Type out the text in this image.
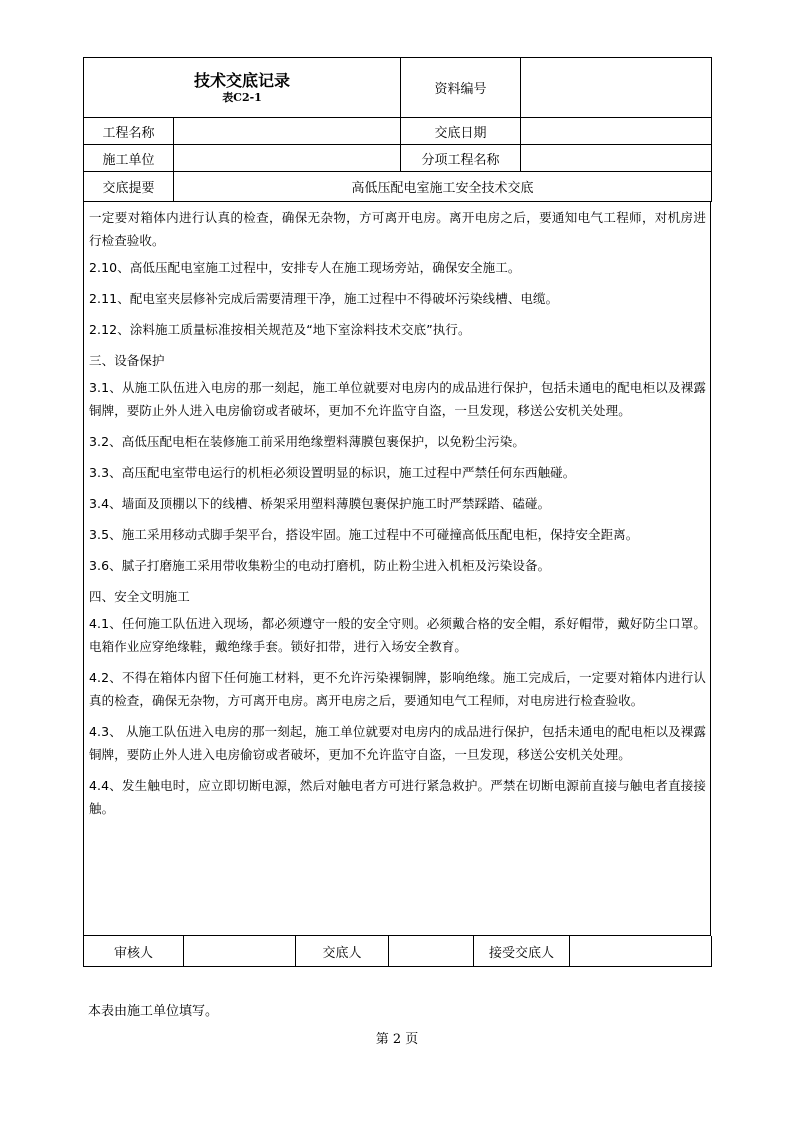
技术交底记录
表C2-1		资料编号	
工程名称		交底日期	
施工单位		分项工程名称	
交底提要	高低压配电室施工安全技术交底		

一定要对箱体内进行认真的检查，确保无杂物，方可离开电房。离开电房之后，要通知电气工程师，对机房进行检查验收。

2.10、高低压配电室施工过程中，安排专人在施工现场旁站，确保安全施工。

2.11、配电室夹层修补完成后需要清理干净，施工过程中不得破坏污染线槽、电缆。

2.12、涂料施工质量标准按相关规范及“地下室涂料技术交底”执行。

三、设备保护

3.1、从施工队伍进入电房的那一刻起，施工单位就要对电房内的成品进行保护，包括未通电的配电柜以及裸露铜牌，要防止外人进入电房偷窃或者破坏，更加不允许监守自盗，一旦发现，移送公安机关处理。

3.2、高低压配电柜在装修施工前采用绝缘塑料薄膜包裹保护，以免粉尘污染。

3.3、高压配电室带电运行的机柜必须设置明显的标识，施工过程中严禁任何东西触碰。

3.4、墙面及顶棚以下的线槽、桥架采用塑料薄膜包裹保护施工时严禁踩踏、磕碰。

3.5、施工采用移动式脚手架平台，搭设牢固。施工过程中不可碰撞高低压配电柜，保持安全距离。

3.6、腻子打磨施工采用带收集粉尘的电动打磨机，防止粉尘进入机柜及污染设备。

四、安全文明施工

4.1、任何施工队伍进入现场，都必须遵守一般的安全守则。必须戴合格的安全帽，系好帽带，戴好防尘口罩。电箱作业应穿绝缘鞋，戴绝缘手套。锁好扣带，进行入场安全教育。

4.2、不得在箱体内留下任何施工材料，更不允许污染裸铜牌，影响绝缘。施工完成后，一定要对箱体内进行认真的检查，确保无杂物，方可离开电房。离开电房之后，要通知电气工程师，对电房进行检查验收。

4.3、 从施工队伍进入电房的那一刻起，施工单位就要对电房内的成品进行保护，包括未通电的配电柜以及裸露铜牌，要防止外人进入电房偷窃或者破坏，更加不允许监守自盗，一旦发现，移送公安机关处理。

4.4、发生触电时，应立即切断电源，然后对触电者方可进行紧急救护。严禁在切断电源前直接与触电者直接接触。

审核人		交底人		接受交底人	
本表由施工单位填写。
第 2 页
